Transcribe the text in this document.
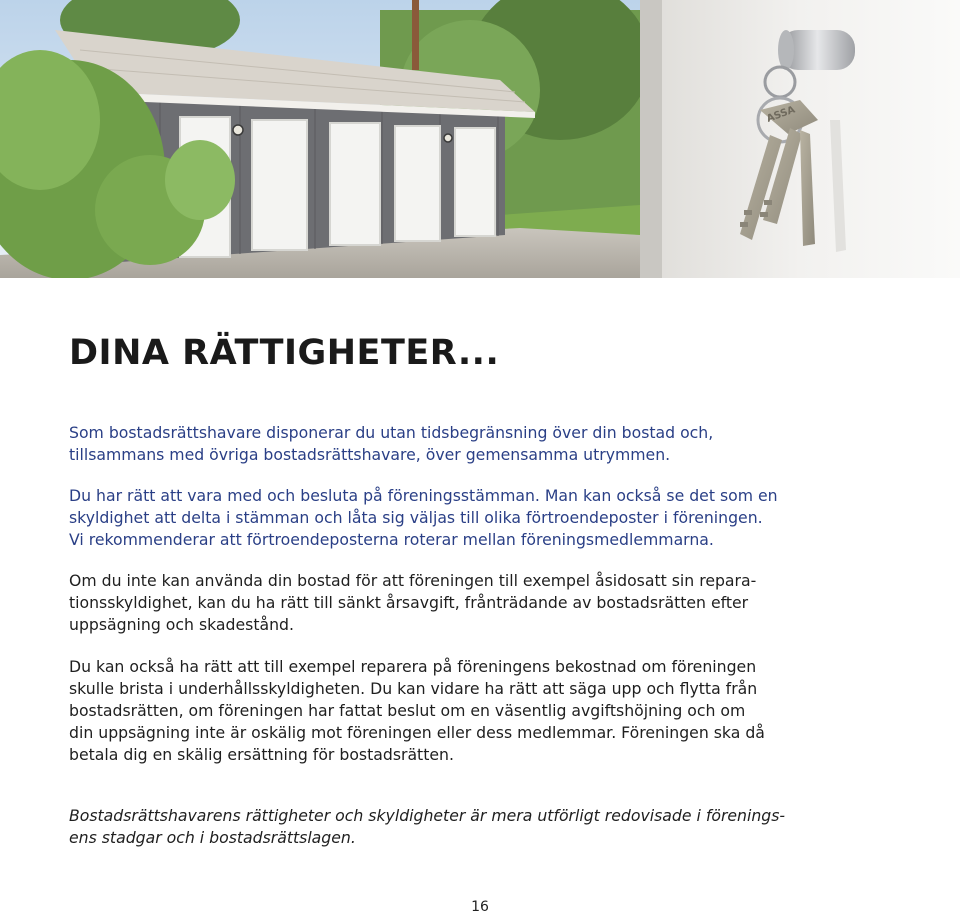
ASSA
DINA RÄTTIGHETER...

Som bostadsrättshavare disponerar du utan tidsbegränsning över din bostad och,
tillsammans med övriga bostadsrättshavare, över gemensamma utrymmen.

Du har rätt att vara med och besluta på föreningsstämman. Man kan också se det som en
skyldighet att delta i stämman och låta sig väljas till olika förtroendeposter i föreningen.
Vi rekommenderar att förtroendeposterna roterar mellan föreningsmedlemmarna.

Om du inte kan använda din bostad för att föreningen till exempel åsidosatt sin repara-
tionsskyldighet, kan du ha rätt till sänkt årsavgift, frånträdande av bostadsrätten efter
uppsägning och skadestånd.

Du kan också ha rätt att till exempel reparera på föreningens bekostnad om föreningen
skulle brista i underhållsskyldigheten. Du kan vidare ha rätt att säga upp och flytta från
bostadsrätten, om föreningen har fattat beslut om en väsentlig avgiftshöjning och om
din uppsägning inte är oskälig mot föreningen eller dess medlemmar. Föreningen ska då
betala dig en skälig ersättning för bostadsrätten.

Bostadsrättshavarens rättigheter och skyldigheter är mera utförligt redovisade i förenings-
ens stadgar och i bostadsrättslagen.

16
